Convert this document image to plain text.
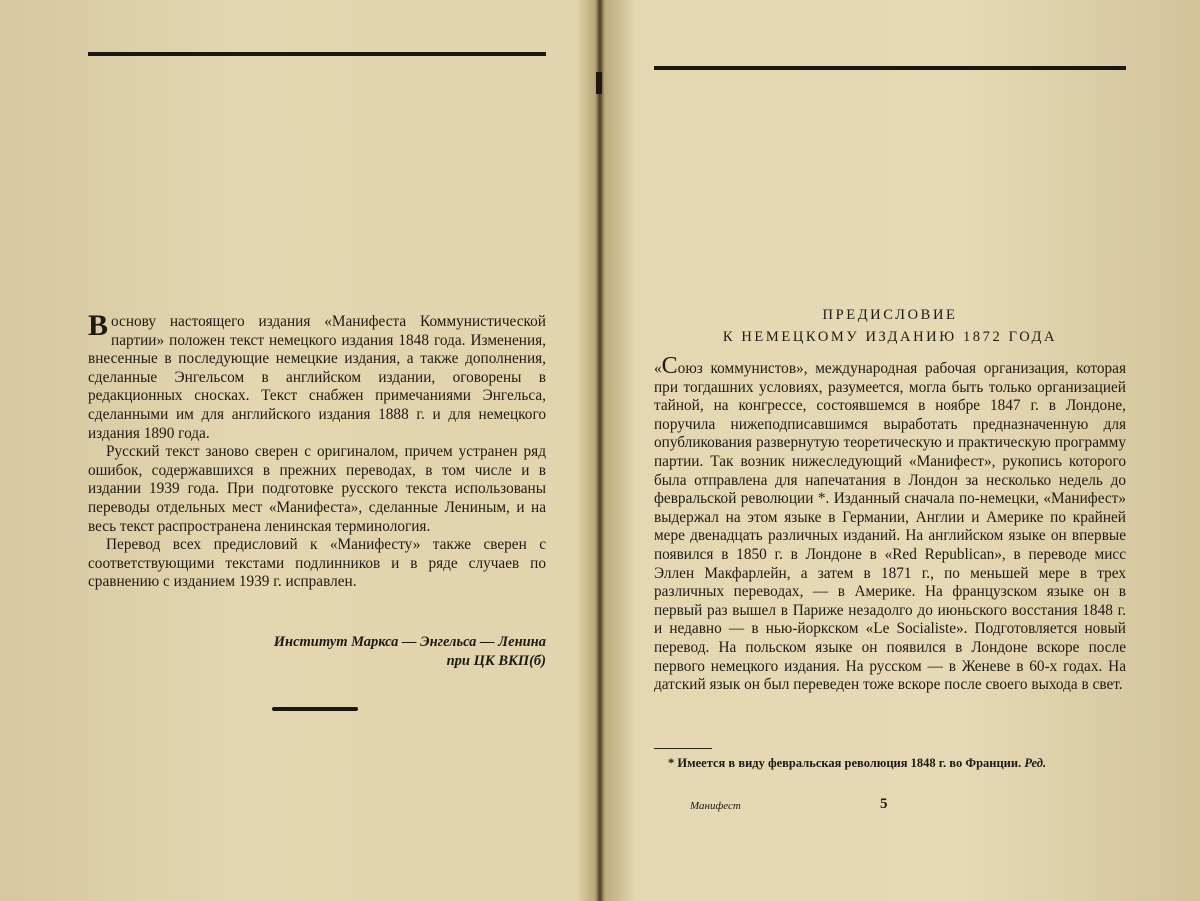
Воснову настоящего издания «Манифеста Коммунистической партии» положен текст немецкого издания 1848 года. Изменения, внесенные в последующие немецкие издания, а также дополнения, сделанные Энгельсом в английском издании, оговорены в редакционных сносках. Текст снабжен примечаниями Энгельса, сделанными им для английского издания 1888 г. и для немецкого издания 1890 года.

Русский текст заново сверен с оригиналом, причем устранен ряд ошибок, содержавшихся в прежних переводах, в том числе и в издании 1939 года. При подготовке русского текста использованы переводы отдельных мест «Манифеста», сделанные Лениным, и на весь текст распространена ленинская терминология.

Перевод всех предисловий к «Манифесту» также сверен с соответствующими текстами подлинников и в ряде случаев по сравнению с изданием 1939 г. исправлен.

Институт Маркса — Энгельса — Ленина
при ЦК ВКП(б)
ПРЕДИСЛОВИЕ
К НЕМЕЦКОМУ ИЗДАНИЮ 1872 ГОДА

«Союз коммунистов», международная рабочая организация, которая при тогдашних условиях, разумеется, могла быть только организацией тайной, на конгрессе, состоявшемся в ноябре 1847 г. в Лондоне, поручила нижеподписавшимся выработать предназначенную для опубликования развернутую теоретическую и практическую программу партии. Так возник нижеследующий «Манифест», рукопись которого была отправлена для напечатания в Лондон за несколько недель до февральской революции *. Изданный сначала по-немецки, «Манифест» выдержал на этом языке в Германии, Англии и Америке по крайней мере двенадцать различных изданий. На английском языке он впервые появился в 1850 г. в Лондоне в «Red Republican», в переводе мисс Эллен Макфарлейн, а затем в 1871 г., по меньшей мере в трех различных переводах, — в Америке. На французском языке он в первый раз вышел в Париже незадолго до июньского восстания 1848 г. и недавно — в нью-йоркском «Le Socialiste». Подготовляется новый перевод. На польском языке он появился в Лондоне вскоре после первого немецкого издания. На русском — в Женеве в 60-х годах. На датский язык он был переведен тоже вскоре после своего выхода в свет.

* Имеется в виду февральская революция 1848 г. во Франции. Ред.
Манифест	5
